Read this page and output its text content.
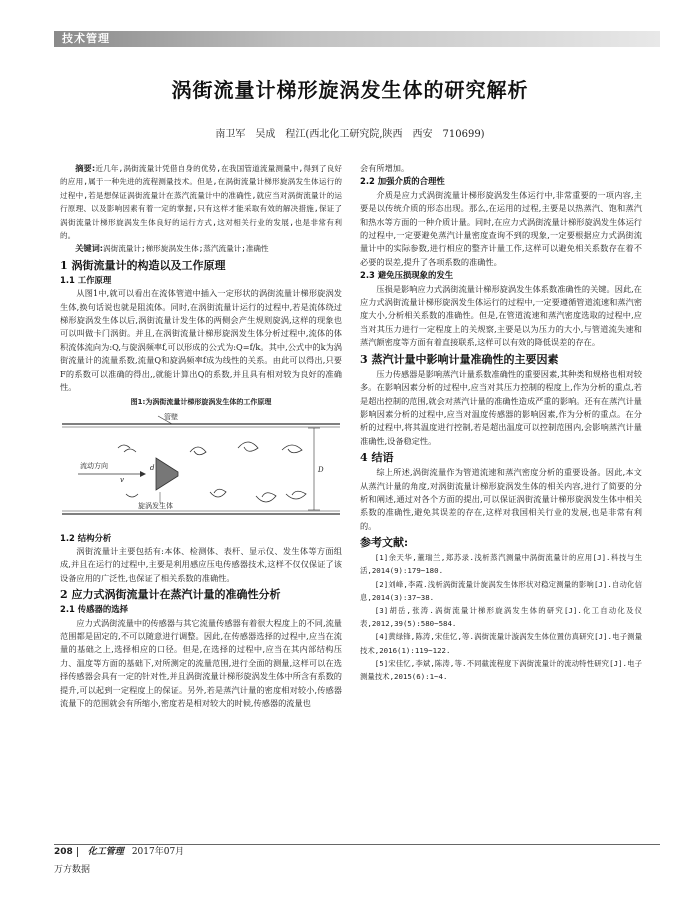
技术管理
涡街流量计梯形旋涡发生体的研究解析
南卫军　吴成　程江(西北化工研究院,陕西　西安　710699)

摘要:近几年,涡街流量计凭借自身的优势,在我国管道流量测量中,得到了良好的应用,属于一种先进的流程测量技术。但是,在涡街流量计梯形旋涡发生体运行的过程中,若是想保证涡街流量计在蒸汽流量计中的准确性,就应当对涡街流量计的运行原理、以及影响因素有着一定的掌握,只有这样才能采取有效的解决措施,保证了涡街流量计梯形旋涡发生体良好的运行方式,这对相关行业的发展,也是非常有利的。

关键词:涡街流量计;梯形旋涡发生体;蒸汽流量计;准确性

1 涡街流量计的构造以及工作原理
1.1 工作原理

从图1中,就可以看出在流体管道中插入一定形状的涡街流量计梯形旋涡发生体,换句话说也就是阻流体。同时,在涡街流量计运行的过程中,若是流体绕过梯形旋涡发生体以后,涡街流量计发生体的两侧会产生规则旋涡,这样的现象也可以叫做卡门涡街。并且,在涡街流量计梯形旋涡发生体分析过程中,流体的体积流体流向为:Q,与旋涡频率f,可以形成的公式为:Q=f/k。其中,公式中的k为涡街流量计的流量系数,流量Q和旋涡频率f成为线性的关系。由此可以得出,只要F的系数可以准确的得出,,就能计算出Q的系数,并且具有相对较为良好的准确性。

图1:为涡街流量计梯形旋涡发生体的工作原理
管壁
流动方向
v
d	D
旋涡发生体
1.2 结构分析

涡街流量计主要包括有:本体、检测体、表杆、显示仪、发生体等方面组成,并且在运行的过程中,主要是利用感应压电传感器技术,这样不仅仅保证了该设备应用的广泛性,也保证了相关系数的准确性。

2 应力式涡街流量计在蒸汽计量的准确性分析
2.1 传感器的选择

应力式涡街流量中的传感器与其它流量传感器有着很大程度上的不同,流量范围都是固定的,不可以随意进行调整。因此,在传感器选择的过程中,应当在流量的基础之上,选择相应的口径。但是,在选择的过程中,应当在其内部结构压力、温度等方面的基础下,对所测定的流量范围,进行全面的测量,这样可以在选择传感器会具有一定的针对性,并且涡街流量计梯形旋涡发生体中所含有系数的提升,可以起到一定程度上的保证。另外,若是蒸汽计量的密度相对较小,传感器流量下的范围就会有所缩小,密度若是相对较大的时候,传感器的流量也

会有所增加。

2.2 加强介质的合理性

介质是应力式涡街流量计梯形旋涡发生体运行中,非常重要的一项内容,主要是以传统介质的形态出现。那么,在运用的过程,主要是以热蒸汽、饱和蒸汽和热水等方面的一种介质计量。同时,在应力式涡街流量计梯形旋涡发生体运行的过程中,一定要避免蒸汽计量密度查询不到的现象,一定要根据应力式涡街流量计中的实际参数,进行相应的整齐计量工作,这样可以避免相关系数存在着不必要的误差,提升了各项系数的准确性。

2.3 避免压损现象的发生

压损是影响应力式涡街流量计梯形旋涡发生体系数准确性的关键。因此,在应力式涡街流量计梯形旋涡发生体运行的过程中,一定要遵循管道流速和蒸汽密度大小,分析相关系数的准确性。但是,在管道流速和蒸汽密度选取的过程中,应当对其压力进行一定程度上的关规察,主要是以为压力的大小,与管道流失速和蒸汽额密度等方面有着直接联系,这样可以有效的降低误差的存在。

3 蒸汽计量中影响计量准确性的主要因素

压力传感器是影响蒸汽计量系数准确性的重要因素,其种类和规格也相对较多。在影响因素分析的过程中,应当对其压力控制的程度上,作为分析的重点,若是超出控制的范围,就会对蒸汽计量的准确性造成严重的影响。还有在蒸汽计量影响因素分析的过程中,应当对温度传感器的影响因素,作为分析的重点。在分析的过程中,将其温度进行控制,若是超出温度可以控制范围内,会影响蒸汽计量准确性,设备稳定性。

4 结语

综上所述,涡街流量作为管道流速和蒸汽密度分析的重要设备。因此,本文从蒸汽计量的角度,对涡街流量计梯形旋涡发生体的相关内容,进行了简要的分析和阐述,通过对各个方面的提出,可以保证涡街流量计梯形旋涡发生体中相关系数的准确性,避免其误差的存在,这样对我国相关行业的发展,也是非常有利的。

参考文献:

[1]余天华,董瑞兰,郑苏录.浅析蒸汽测量中涡街流量计的应用[J].科技与生活,2014(9):179~180.

[2]刘峰,李霞.浅析涡街流量计旋涡发生体形状对稳定测量的影响[J].自动化信息,2014(3):37~38.

[3]胡岳,张涛.涡街流量计梯形旋涡发生体的研究[J].化工自动化及仪表,2012,39(5):580~584.

[4]黄绿锋,陈涛,宋佳忆,等.涡街流量计漩涡发生体位置仿真研究[J].电子测量技术,2016(1):119~122.

[5]宋佳忆,李斌,陈涛,等.不同截流程度下涡街流量计的流动特性研究[J].电子测量技术,2015(6):1~4.

208 化工管理 2017年07月
万方数据
